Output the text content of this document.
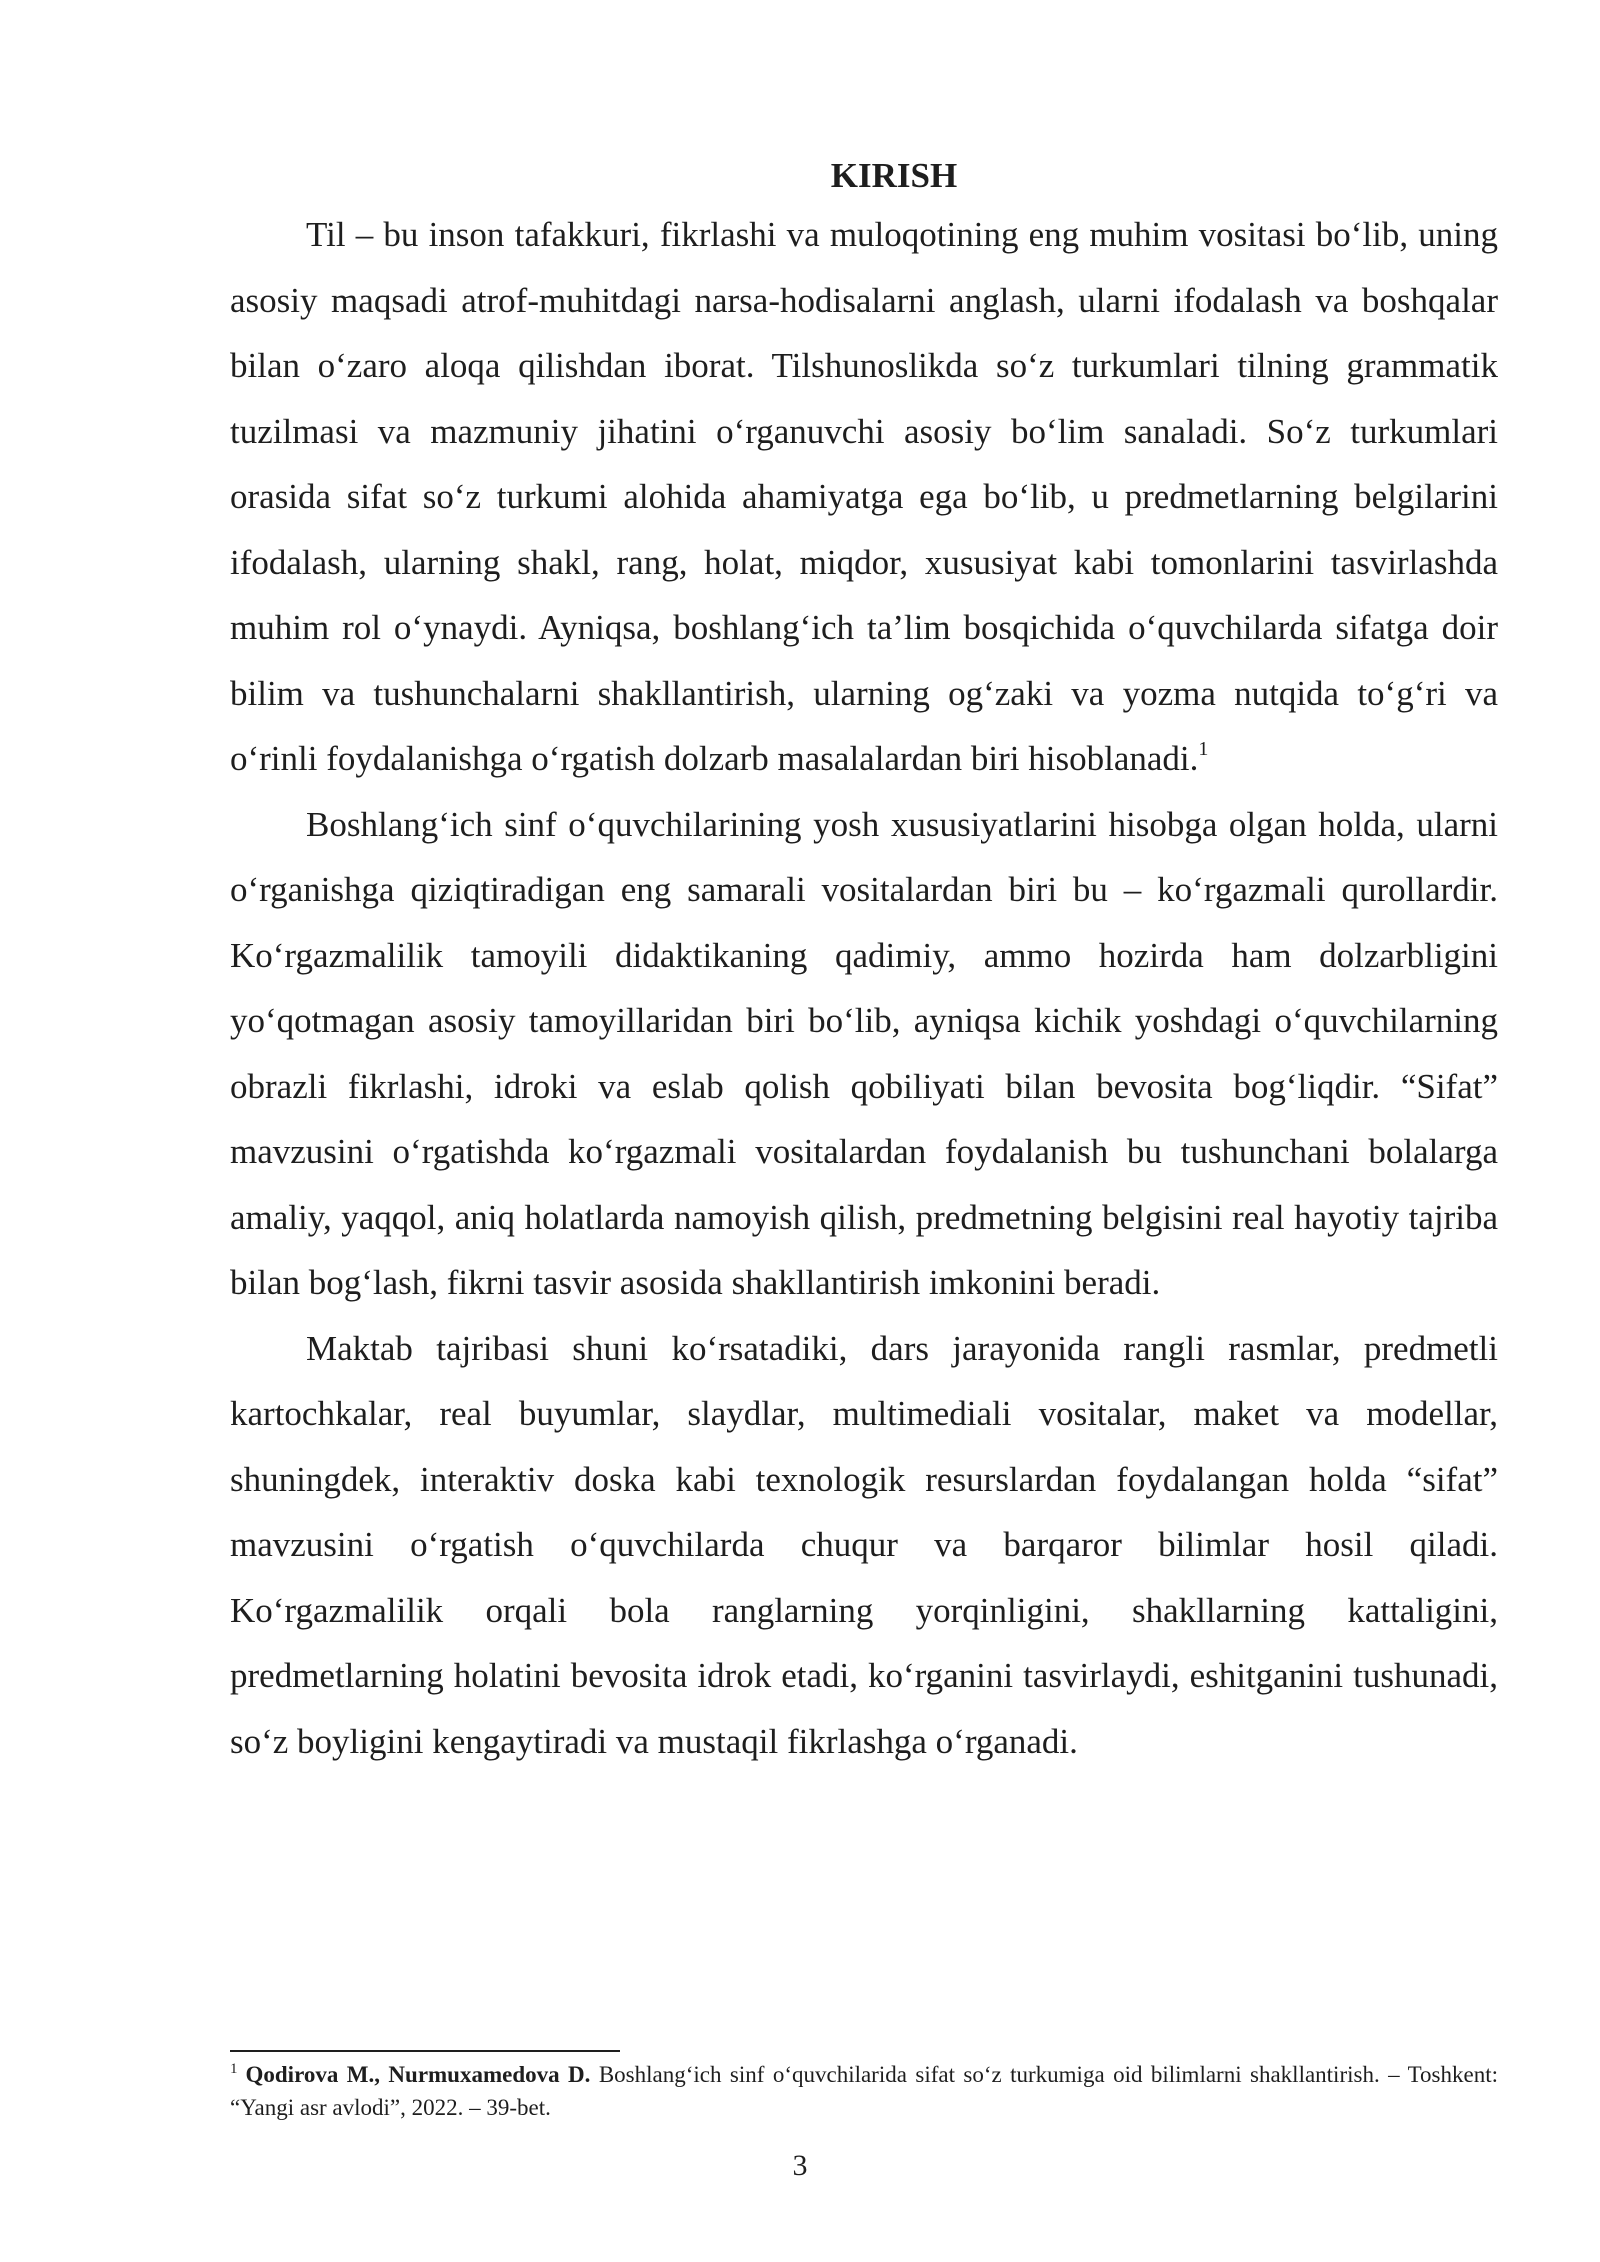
KIRISH

Til – bu inson tafakkuri, fikrlashi va muloqotining eng muhim vositasi bo‘lib, uning asosiy maqsadi atrof-muhitdagi narsa-hodisalarni anglash, ularni ifodalash va boshqalar bilan o‘zaro aloqa qilishdan iborat. Tilshunoslikda so‘z turkumlari tilning grammatik tuzilmasi va mazmuniy jihatini o‘rganuvchi asosiy bo‘lim sanaladi. So‘z turkumlari orasida sifat so‘z turkumi alohida ahamiyatga ega bo‘lib, u predmetlarning belgilarini ifodalash, ularning shakl, rang, holat, miqdor, xususiyat kabi tomonlarini tasvirlashda muhim rol o‘ynaydi. Ayniqsa, boshlang‘ich ta’lim bosqichida o‘quvchilarda sifatga doir bilim va tushunchalarni shakllantirish, ularning og‘zaki va yozma nutqida to‘g‘ri va o‘rinli foydalanishga o‘rgatish dolzarb masalalardan biri hisoblanadi.$^1$

Boshlang‘ich sinf o‘quvchilarining yosh xususiyatlarini hisobga olgan holda, ularni o‘rganishga qiziqtiradigan eng samarali vositalardan biri bu – ko‘rgazmali qurollardir. Ko‘rgazmalilik tamoyili didaktikaning qadimiy, ammo hozirda ham dolzarbligini yo‘qotmagan asosiy tamoyillaridan biri bo‘lib, ayniqsa kichik yoshdagi o‘quvchilarning obrazli fikrlashi, idroki va eslab qolish qobiliyati bilan bevosita bog‘liqdir. “Sifat” mavzusini o‘rgatishda ko‘rgazmali vositalardan foydalanish bu tushunchani bolalarga amaliy, yaqqol, aniq holatlarda namoyish qilish, predmetning belgisini real hayotiy tajriba bilan bog‘lash, fikrni tasvir asosida shakllantirish imkonini beradi.

Maktab tajribasi shuni ko‘rsatadiki, dars jarayonida rangli rasmlar, predmetli kartochkalar, real buyumlar, slaydlar, multimediali vositalar, maket va modellar, shuningdek, interaktiv doska kabi texnologik resurslardan foydalangan holda “sifat” mavzusini o‘rgatish o‘quvchilarda chuqur va barqaror bilimlar hosil qiladi. Ko‘rgazmalilik orqali bola ranglarning yorqinligini, shakllarning kattaligini, predmetlarning holatini bevosita idrok etadi, ko‘rganini tasvirlaydi, eshitganini tushunadi, so‘z boyligini kengaytiradi va mustaqil fikrlashga o‘rganadi.

$^1$ Qodirova M., Nurmuxamedova D. Boshlang‘ich sinf o‘quvchilarida sifat so‘z turkumiga oid bilimlarni shakllantirish. – Toshkent: “Yangi asr avlodi”, 2022. – 39-bet.

3
